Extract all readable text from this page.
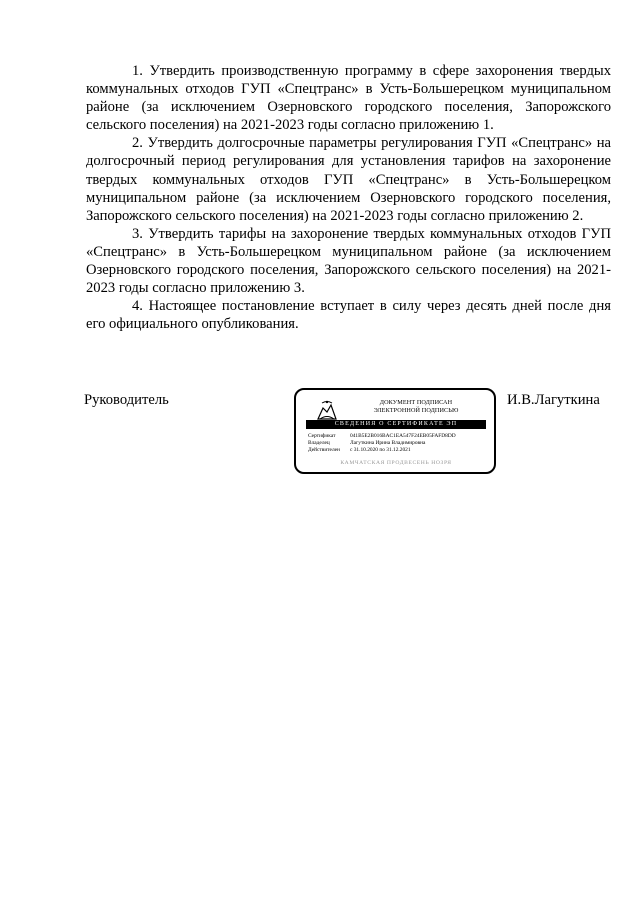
1. Утвердить производственную программу в сфере захоронения твердых коммунальных отходов ГУП «Спецтранс» в Усть-Большерецком муниципальном районе (за исключением Озерновского городского поселения, Запорожского сельского поселения) на 2021-2023 годы согласно приложению 1.

2. Утвердить долгосрочные параметры регулирования ГУП «Спецтранс» на долгосрочный период регулирования для установления тарифов на захоронение твердых коммунальных отходов ГУП «Спецтранс» в Усть-Большерецком муниципальном районе (за исключением Озерновского городского поселения, Запорожского сельского поселения) на 2021-2023 годы согласно приложению 2.

3. Утвердить тарифы на захоронение твердых коммунальных отходов ГУП «Спецтранс» в Усть-Большерецком муниципальном районе (за исключением Озерновского городского поселения, Запорожского сельского поселения) на 2021-2023 годы согласно приложению 3.

4. Настоящее постановление вступает в силу через десять дней после дня его официального опубликования.

Руководитель	И.В.Лагуткина
ДОКУМЕНТ ПОДПИСАН
ЭЛЕКТРОННОЙ ПОДПИСЬЮ
СВЕДЕНИЯ О СЕРТИФИКАТЕ ЭП
Сертификат	041B5E2B016BAC1EA547F24EB05FAFD8DD
Владелец	Лагуткина Ирина Владимировна
Действителен	с 31.10.2020 по 31.12.2021
КАМЧАТСКАЯ ПРОДВЕСЕНЬ НОЗРЯ
